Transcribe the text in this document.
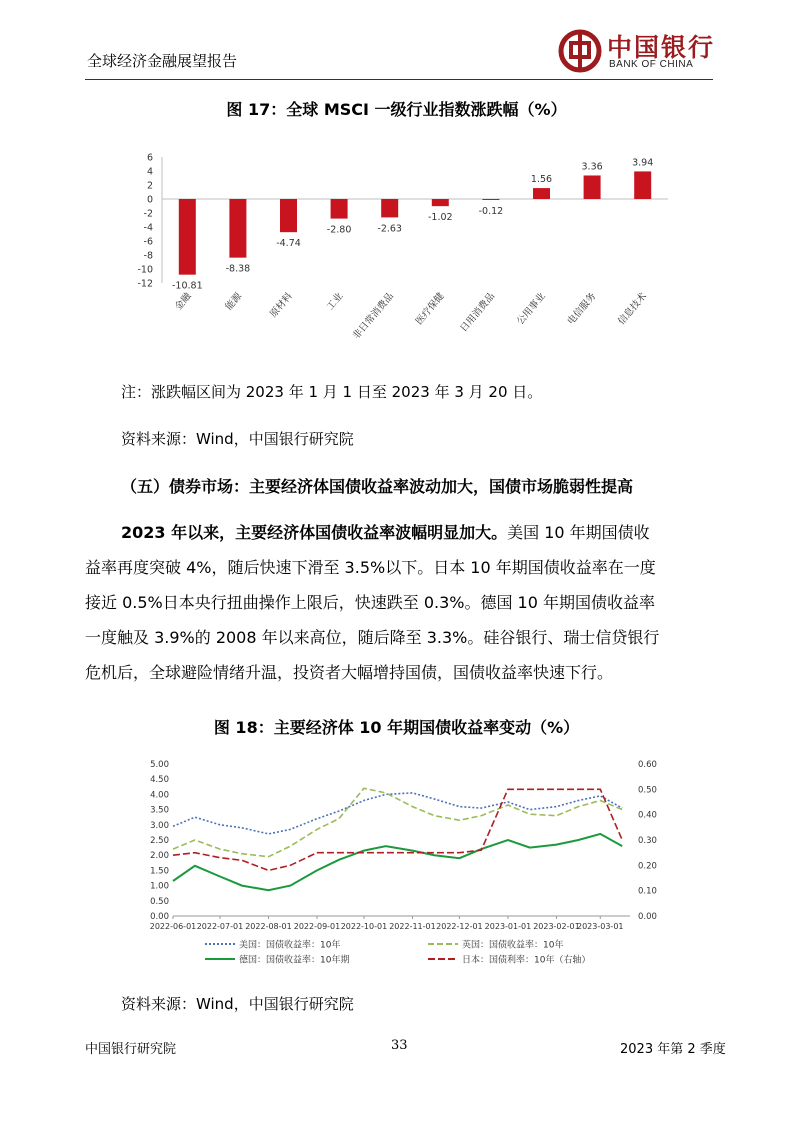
全球经济金融展望报告	中国银行
BANK OF CHINA
图 17：全球 MSCI 一级行业指数涨跌幅（%）
6
4
2
0
-2
-4
-6
-8
-10
-12 -10.81
金融
-8.38
能源
-4.74
原材料
-2.80
工业
-2.63
非日常消费品
-1.02
医疗保健
-0.12
日用消费品
1.56
公用事业
3.36
电信服务
3.94
信息技术
注：涨跌幅区间为 2023 年 1 月 1 日至 2023 年 3 月 20 日。
资料来源：Wind，中国银行研究院
（五）债券市场：主要经济体国债收益率波动加大，国债市场脆弱性提高
2023 年以来，主要经济体国债收益率波幅明显加大。美国 10 年期国债收
益率再度突破 4%，随后快速下滑至 3.5%以下。日本 10 年期国债收益率在一度
接近 0.5%日本央行扭曲操作上限后，快速跌至 0.3%。德国 10 年期国债收益率
一度触及 3.9%的 2008 年以来高位，随后降至 3.3%。硅谷银行、瑞士信贷银行
危机后，全球避险情绪升温，投资者大幅增持国债，国债收益率快速下行。
图 18：主要经济体 10 年期国债收益率变动（%）
0.00
0.50
1.00
1.50
2.00
2.50
3.00
3.50
4.00
4.50
5.00
0.00
0.10
0.20
0.30
0.40
0.50
0.60
2022-06-01 2022-07-01 2022-08-01 2022-09-01 2022-10-01 2022-11-01 2022-12-01 2023-01-01 2023-02-01
2023-03-01
美国：国债收益率：10年	英国：国债收益率：10年
德国：国债收益率：10年期	日本：国债利率：10年（右轴）
资料来源：Wind，中国银行研究院
中国银行研究院	33	2023 年第 2 季度
